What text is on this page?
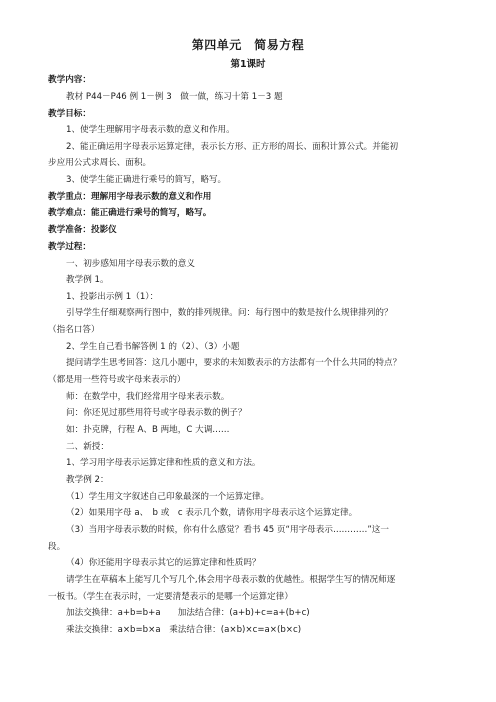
第四单元　简易方程
第1课时
教学内容：
教材 P44－P46 例 1－例 3　做一做，练习十第 1－3 题
教学目标：
1、使学生理解用字母表示数的意义和作用。
2、能正确运用字母表示运算定律，表示长方形、正方形的周长、面积计算公式。并能初
步应用公式求周长、面积。
3、使学生能正确进行乘号的简写，略写。
教学重点：理解用字母表示数的意义和作用
教学难点：能正确进行乘号的简写，略写。
教学准备：投影仪
教学过程：
一、初步感知用字母表示数的意义
教学例 1。
1、投影出示例 1（1）：
引导学生仔细观察两行图中，数的排列规律。问：每行图中的数是按什么规律排列的？
（指名口答）
2、学生自己看书解答例 1 的（2）、（3）小题
提问请学生思考回答：这几小题中，要求的未知数表示的方法都有一个什么共同的特点？
（都是用一些符号或字母来表示的）
师：在数学中，我们经常用字母来表示数。
问：你还见过那些用符号或字母表示数的例子？
如：扑克牌，行程 A、B 两地，C 大调……
二、新授：
1、学习用字母表示运算定律和性质的意义和方法。
教学例 2：
（1）学生用文字叙述自己印象最深的一个运算定律。
（2）如果用字母 a、　b 或　c 表示几个数，请你用字母表示这个运算定律。
（3）当用字母表示数的时候，你有什么感觉？看书 45 页“用字母表示…………”这一
段。
（4）你还能用字母表示其它的运算定律和性质吗？
请学生在草稿本上能写几个写几个,体会用字母表示数的优越性。根据学生写的情况师逐
一板书。（学生在表示时，一定要清楚表示的是哪一个运算定律）
加法交换律：a+b=b+a　　加法结合律：(a+b)+c=a+(b+c)
乘法交换律：a×b=b×a　乘法结合律：(a×b)×c=a×(b×c)
